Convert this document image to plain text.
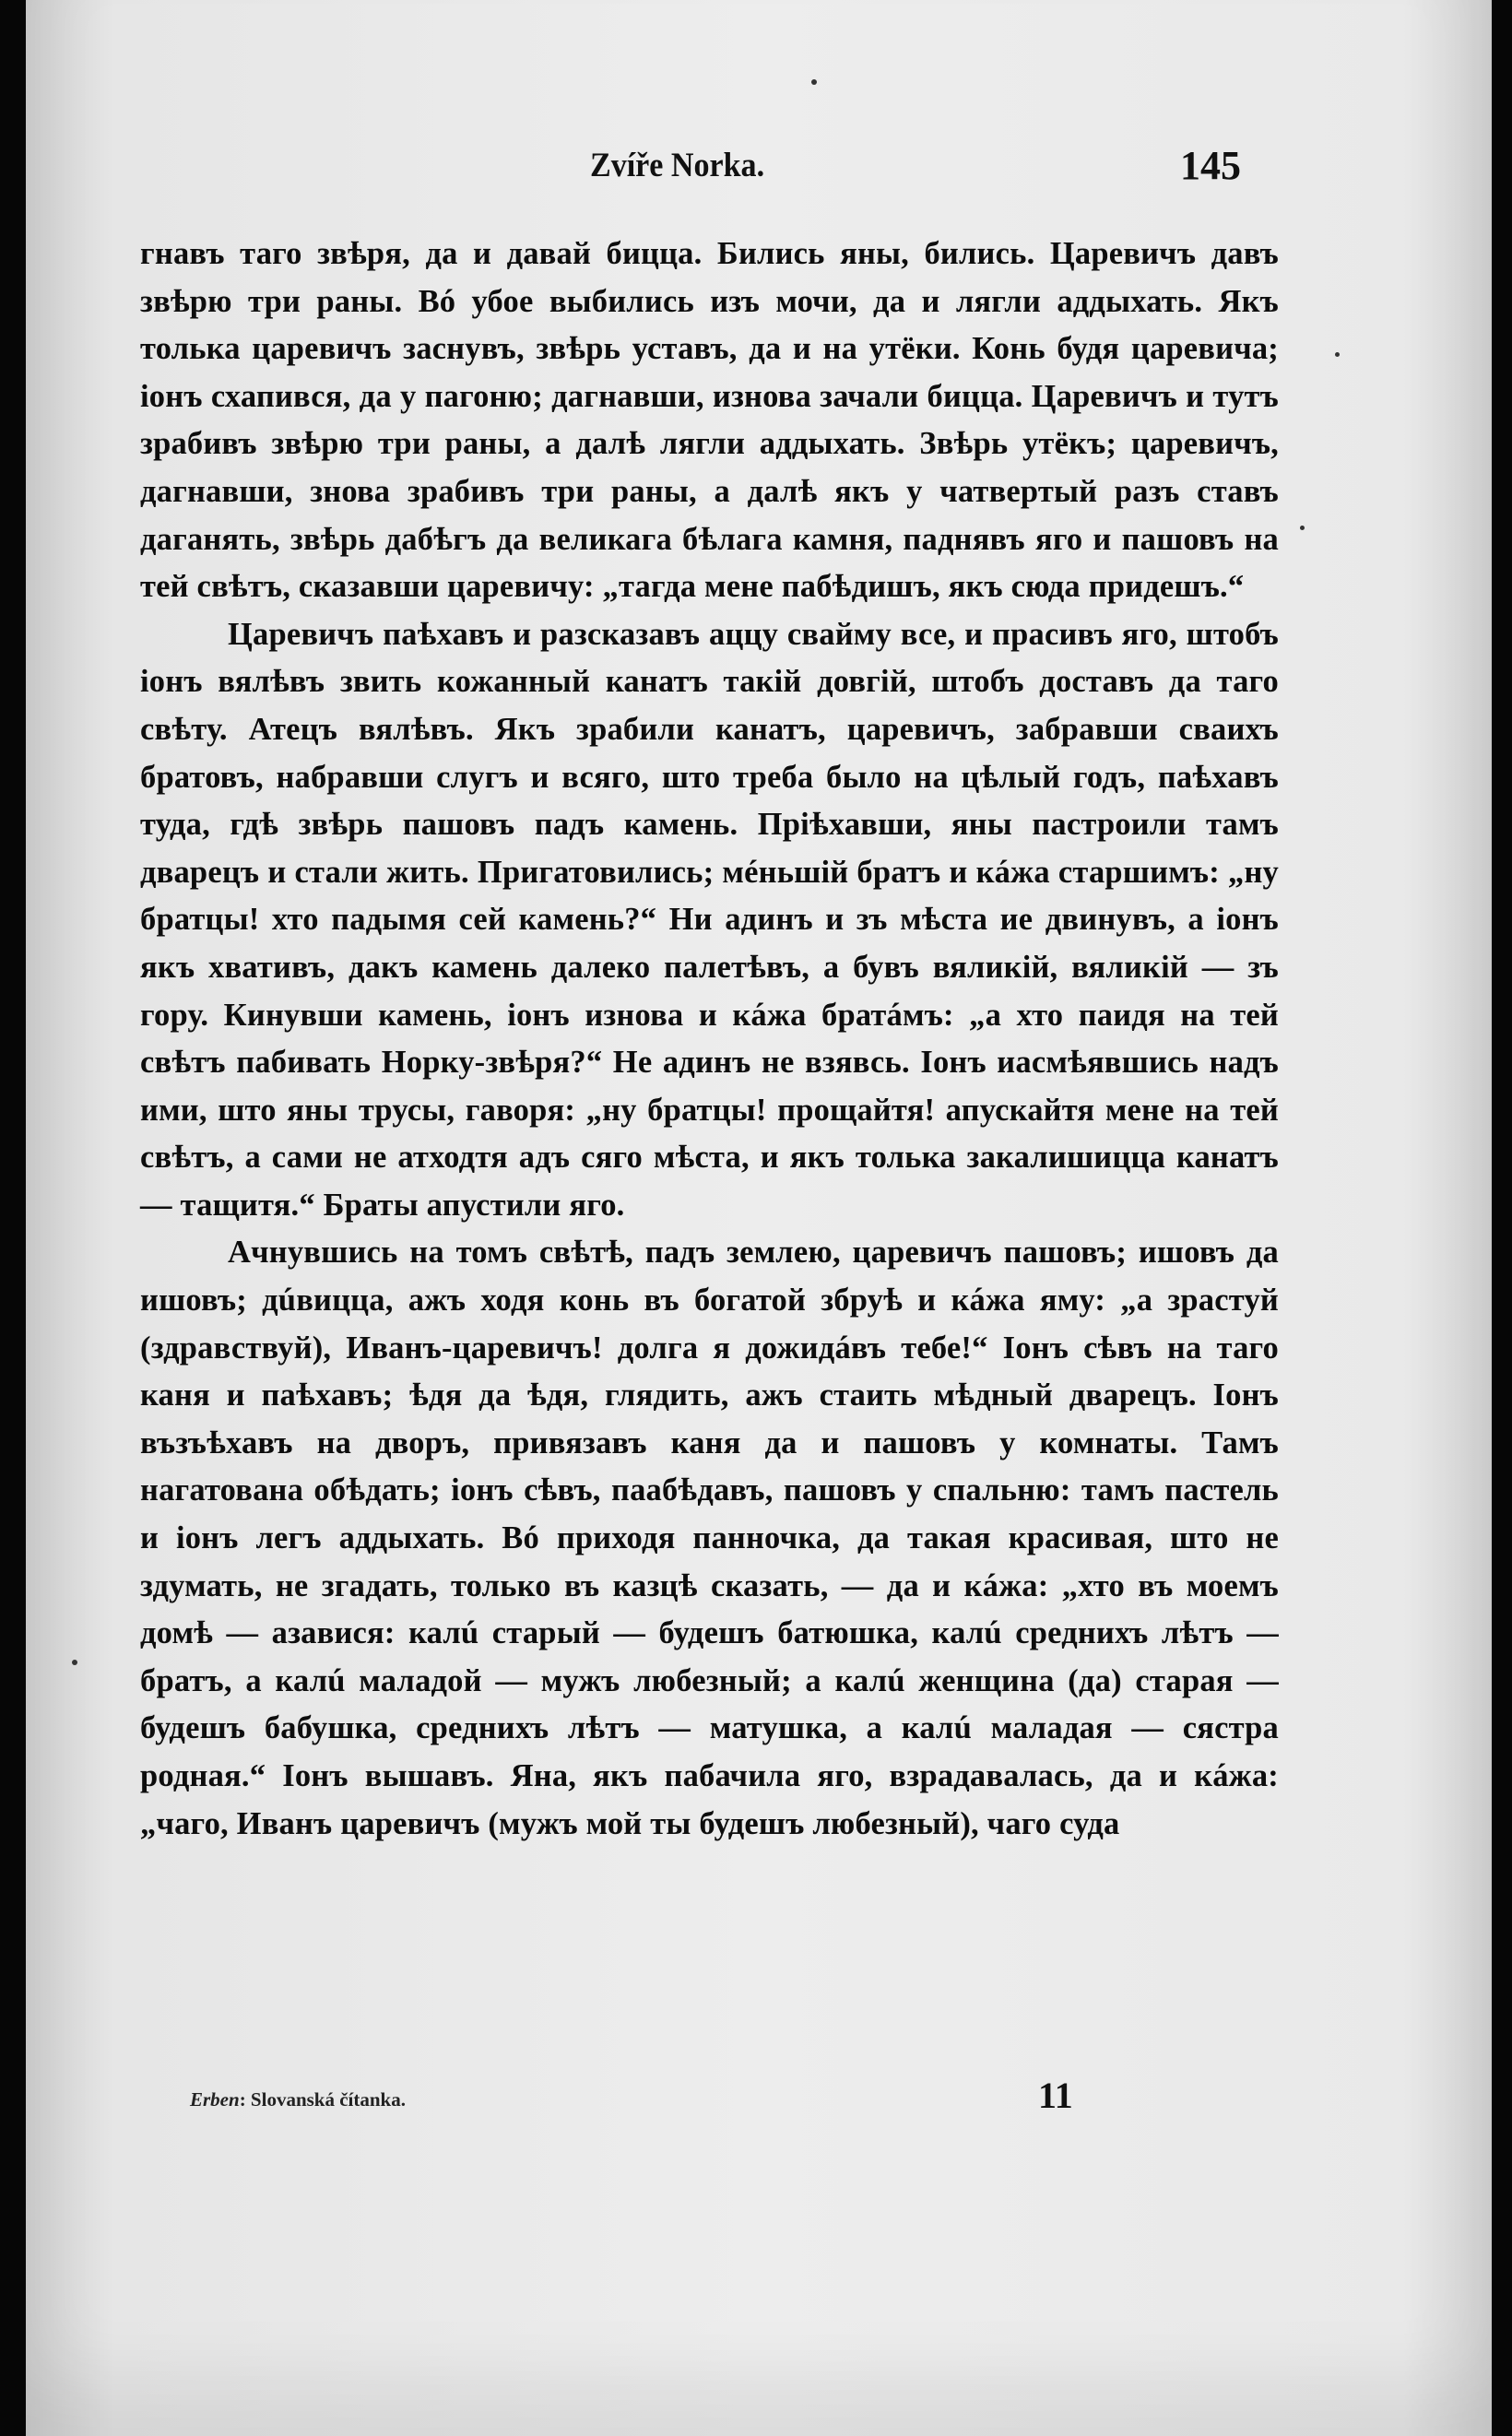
Zvíře Norka.	145

гнавъ таго звѣря, да и давай бицца. Бились яны, бились. Царевичъ давъ звѣрю три раны. Вó убое выбились изъ мочи, да и лягли аддыхать. Якъ толька царевичъ заснувъ, звѣрь уставъ, да и на утёки. Конь будя царевича; іонъ схапився, да у пагоню; дагнавши, изнова зачали бицца. Царевичъ и тутъ зрабивъ звѣрю три раны, а далѣ лягли аддыхать. Звѣрь утёкъ; царевичъ, дагнавши, знова зрабивъ три раны, а далѣ якъ у чатвертый разъ ставъ даганять, звѣрь дабѣгъ да великага бѣлага камня, паднявъ яго и пашовъ на тей свѣтъ, сказавши царевичу: „тагда мене пабѣдишъ, якъ сюда придешъ.“

Царевичъ паѣхавъ и разсказавъ аццу свайму все, и прасивъ яго, штобъ іонъ вялѣвъ звить кожанный канатъ такій довгій, штобъ доставъ да таго свѣту. Атецъ вялѣвъ. Якъ зрабили канатъ, царевичъ, забравши сваихъ братовъ, набравши слугъ и всяго, што треба было на цѣлый годъ, паѣхавъ туда, гдѣ звѣрь пашовъ падъ камень. Пріѣхавши, яны пастроили тамъ дварецъ и стали жить. Пригатовились; мéньшій братъ и кáжа старшимъ: „ну братцы! хто падымя сей камень?“ Ни адинъ и зъ мѣста ие двинувъ, а іонъ якъ хвативъ, дакъ камень далеко палетѣвъ, а бувъ вяликій, вяликій — зъ гору. Кинувши камень, іонъ изнова и кáжа братáмъ: „а хто паидя на тей свѣтъ пабивать Норку-звѣря?“ Не адинъ не взявсь. Іонъ иасмѣявшись надъ ими, што яны трусы, гаворя: „ну братцы! прощайтя! апускайтя мене на тей свѣтъ, а сами не атходтя адъ сяго мѣста, и якъ толька закалишицца канатъ — тащитя.“ Браты апустили яго.

Ачнувшись на томъ свѣтѣ, падъ землею, царевичъ пашовъ; ишовъ да ишовъ; дúвицца, ажъ ходя конь въ богатой збруѣ и кáжа яму: „а зрастуй (здравствуй), Иванъ-царевичъ! долга я дожидáвъ тебе!“ Іонъ сѣвъ на таго каня и паѣхавъ; ѣдя да ѣдя, глядить, ажъ стаить мѣдный дварецъ. Іонъ възъѣхавъ на дворъ, привязавъ каня да и пашовъ у комнаты. Тамъ нагатована обѣдать; іонъ сѣвъ, паабѣдавъ, пашовъ у спальню: тамъ пастель и іонъ легъ аддыхать. Вó приходя панночка, да такая красивая, што не здумать, не згадать, только въ казцѣ сказать, — да и кáжа: „хто въ моемъ домѣ — азавися: калú старый — будешъ батюшка, калú среднихъ лѣтъ — братъ, а калú маладой — мужъ любезный; а калú женщина (да) старая — будешъ бабушка, среднихъ лѣтъ — матушка, а калú маладая — сястра родная.“ Іонъ вышавъ. Яна, якъ пабачила яго, взрадавалась, да и кáжа: „чаго, Иванъ царевичъ (мужъ мой ты будешъ любезный), чаго суда

Erben: Slovanská čítanka.	11
